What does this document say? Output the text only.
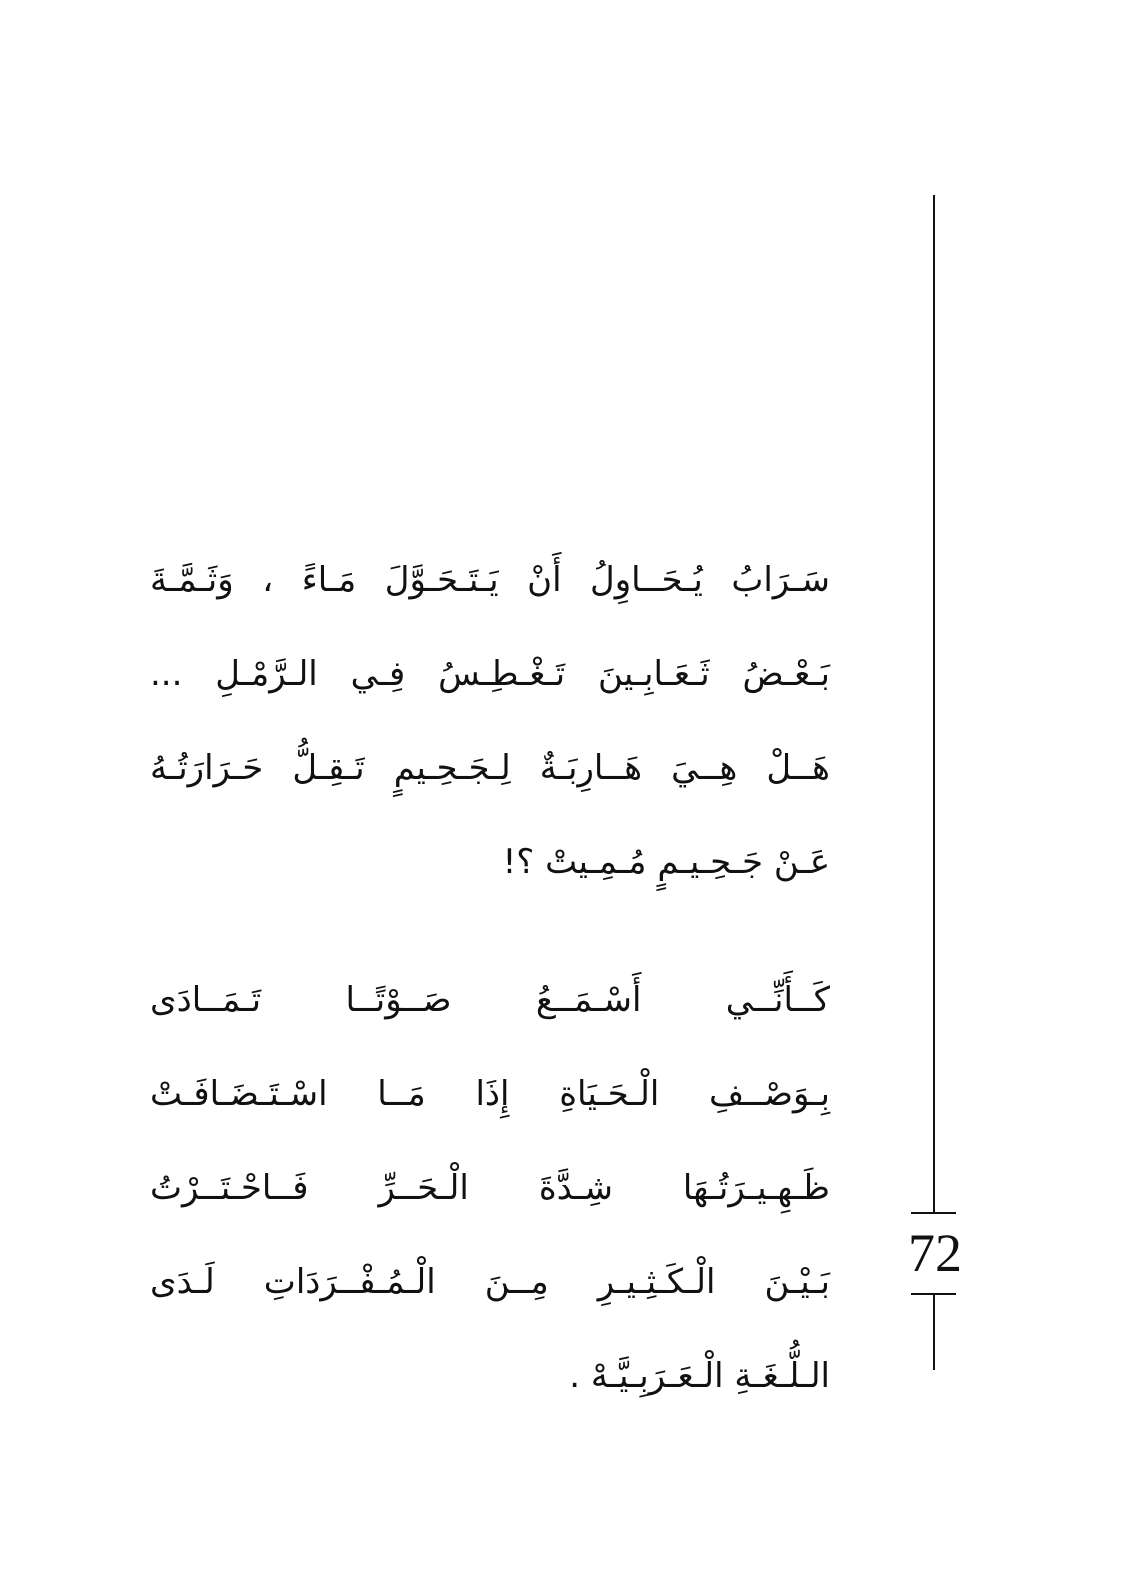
72
سَـرَابُ يُـحَــاوِلُ أَنْ يَـتَـحَـوَّلَ مَـاءً ، وَثَـمَّـةَ
بَـعْـضُ ثَـعَـابِـينَ تَـغْـطِـسُ فِـي الـرَّمْـلِ ...
هَــلْ هِــيَ هَــارِبَـةٌ لِـجَـحِـيمٍ تَـقِـلُّ حَـرَارَتُـهُ
عَـنْ جَـحِـيـمٍ مُـمِـيتْ ؟!
كَــأَنِّــي أَسْـمَــعُ صَــوْتًــا تَـمَــادَى
بِـوَصْــفِ الْـحَـيَاةِ إِذَا مَــا اسْـتَـضَـافَـتْ
ظَـهِـيـرَتُـهَا شِـدَّةَ الْـحَــرِّ فَــاحْـتَــرْتُ
بَـيْـنَ الْـكَـثِـيـرِ مِــنَ الْـمُـفْــرَدَاتِ لَـدَى
الـلُّـغَـةِ الْـعَـرَبِـيَّـهْ .
